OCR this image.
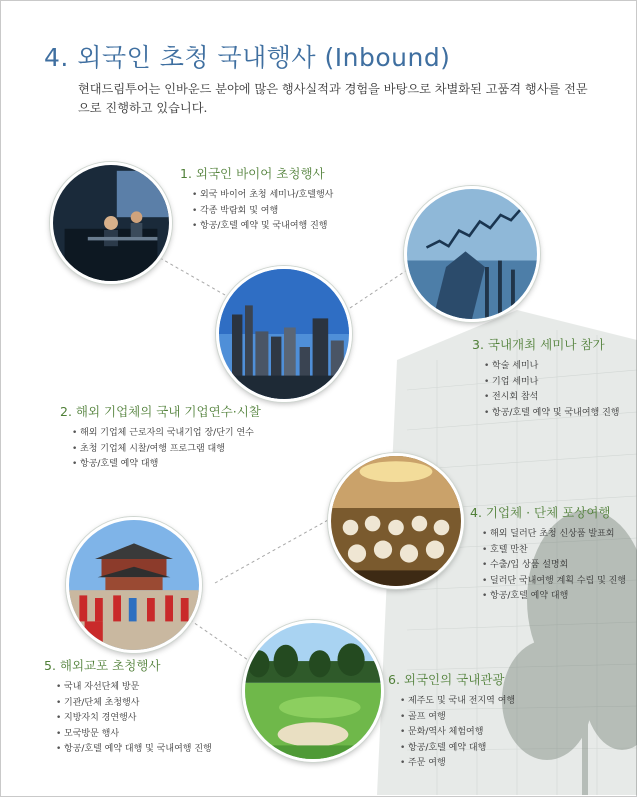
4. 외국인 초청 국내행사 (Inbound)
현대드림투어는 인바운드 분야에 많은 행사실적과 경험을 바탕으로 차별화된 고품격 행사를 전문으로 진행하고 있습니다.
1. 외국인 바이어 초청행사
• 외국 바이어 초청 세미나/호텔행사
• 각종 박람회 및 여행
• 항공/호텔 예약 및 국내여행 진행
2. 해외 기업체의 국내 기업연수·시찰
• 해외 기업체 근로자의 국내기업 장/단기 연수
• 초청 기업체 시찰/여행 프로그램 대행
• 항공/호텔 예약 대행
3. 국내개최 세미나 참가
• 학술 세미나
• 기업 세미나
• 전시회 참석
• 항공/호텔 예약 및 국내여행 진행
4. 기업체 · 단체 포상여행
• 해외 딜러단 초청 신상품 발표회
• 호텔 만찬
• 수출/입 상품 설명회
• 딜러단 국내여행 계획 수립 및 진행
• 항공/호텔 예약 대행
5. 해외교포 초청행사
• 국내 자선단체 방문
• 기관/단체 초청행사
• 지방자치 경연행사
• 모국방문 행사
• 항공/호텔 예약 대행 및 국내여행 진행
6. 외국인의 국내관광
• 제주도 및 국내 전지역 여행
• 골프 여행
• 문화/역사 체험여행
• 항공/호텔 예약 대행
• 주문 여행
